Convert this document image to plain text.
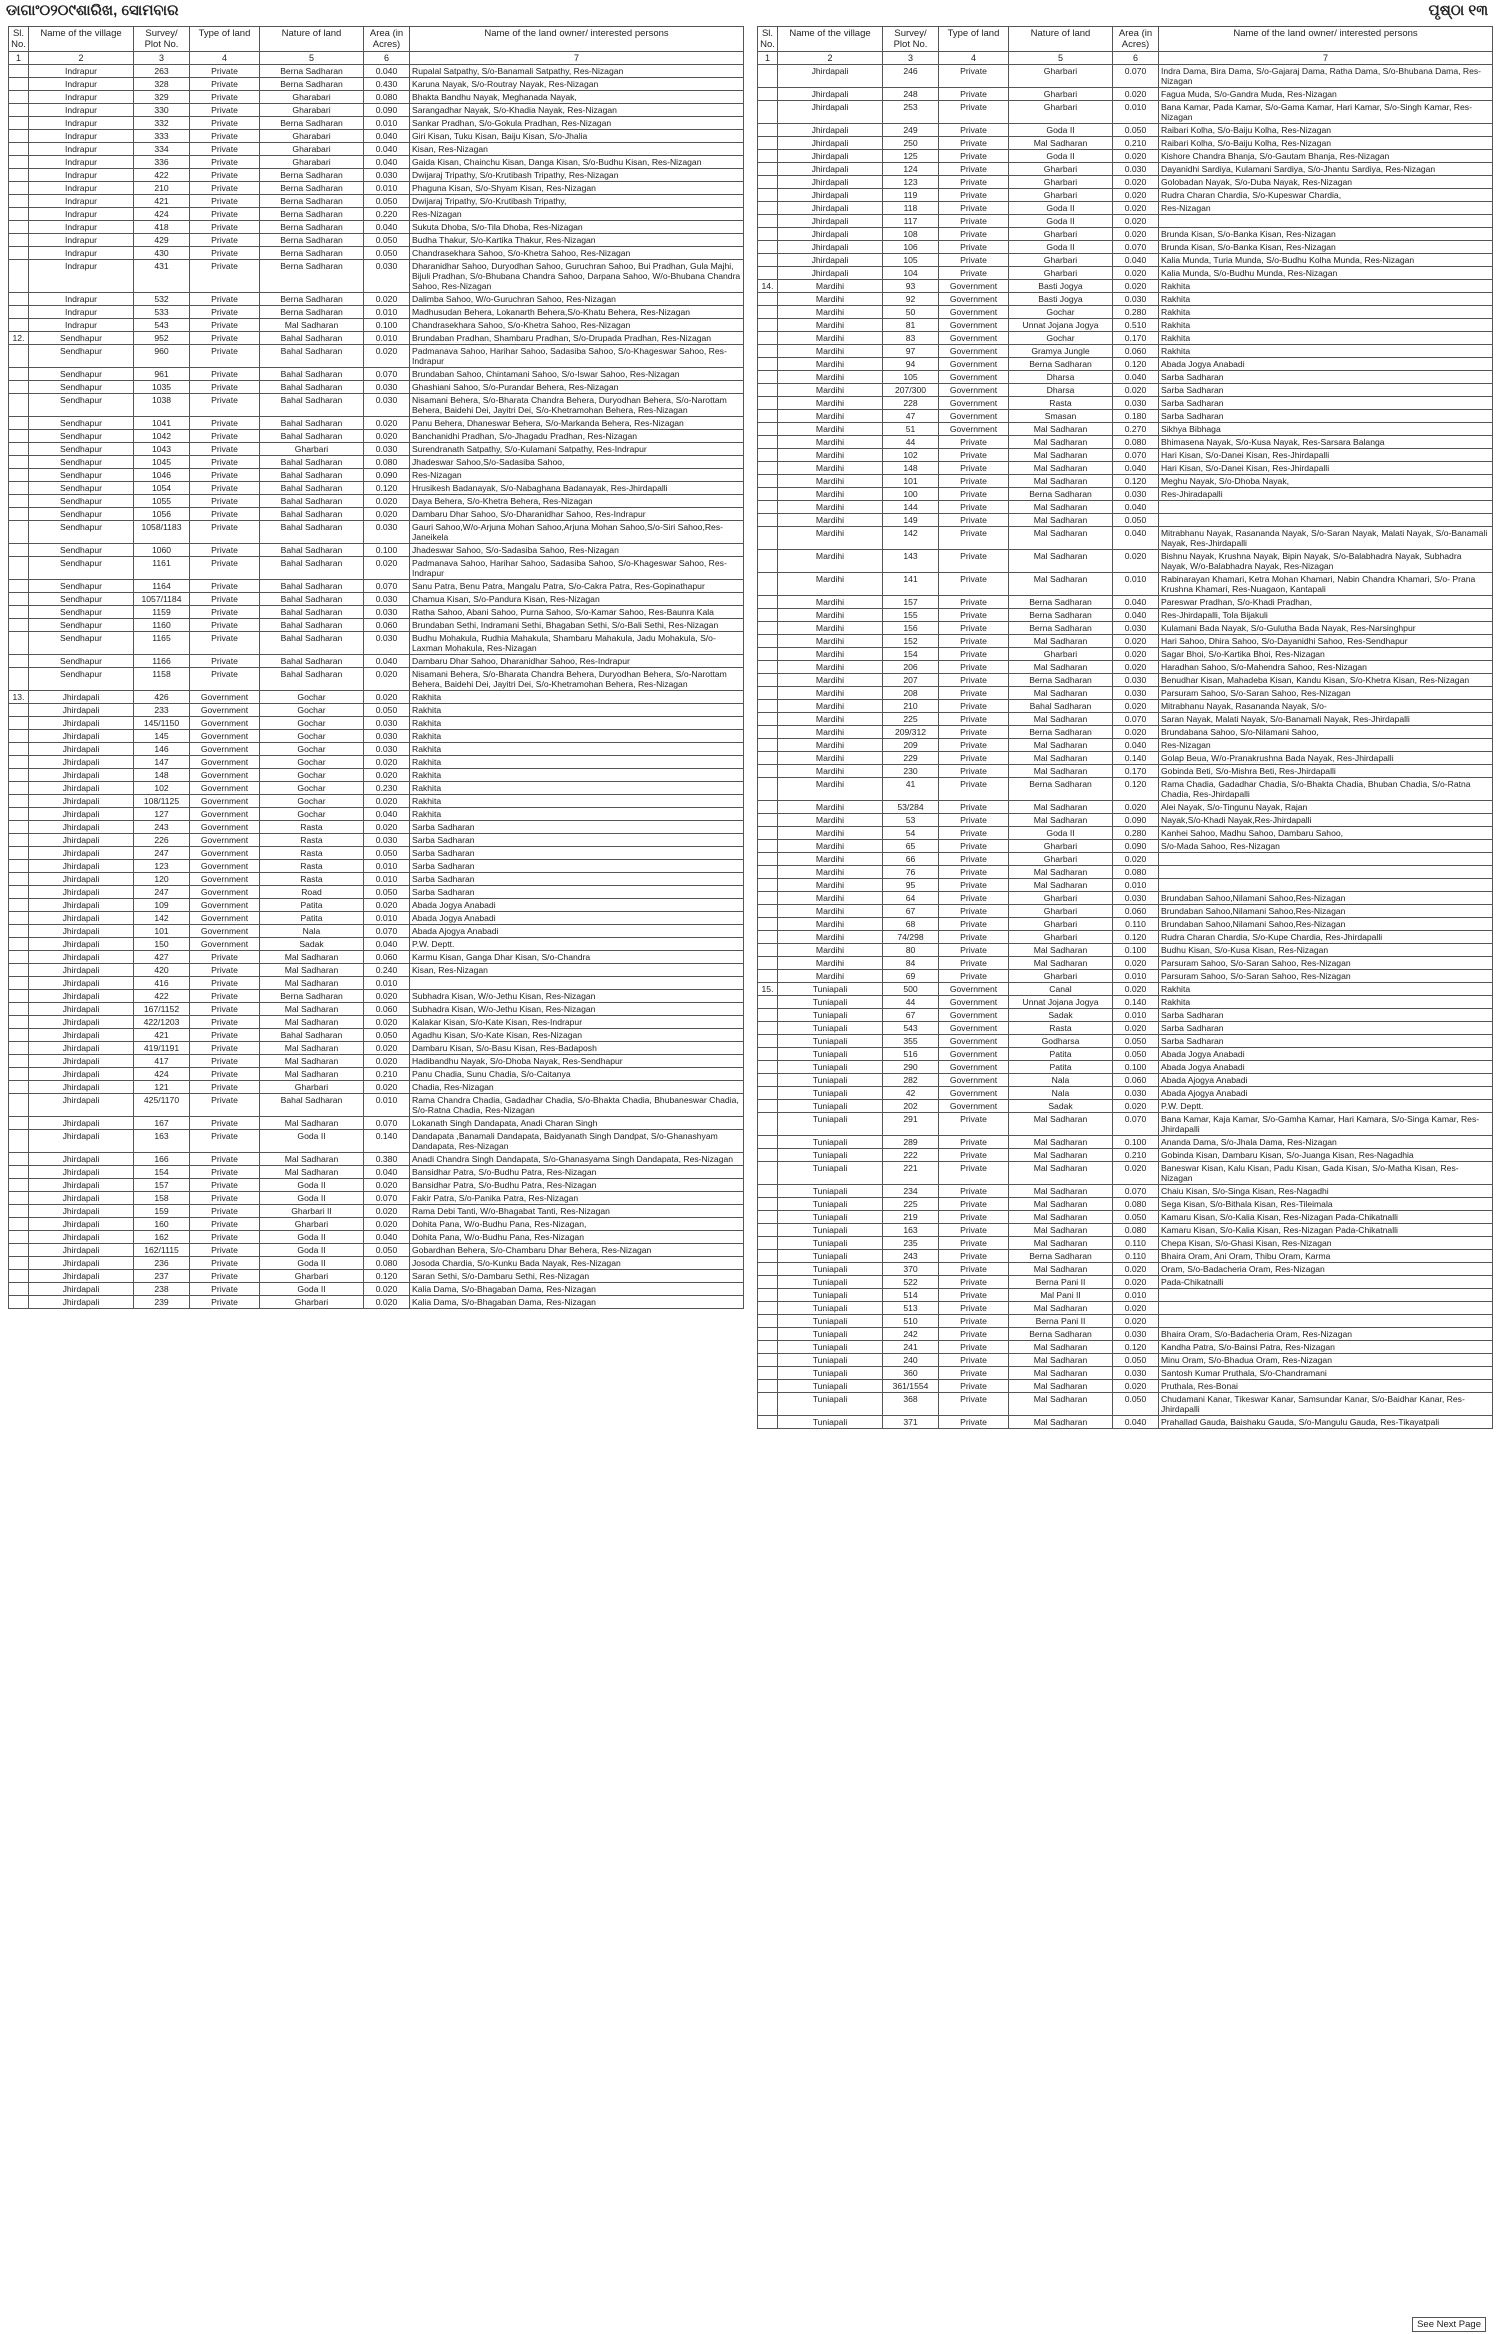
ଡାଗାଂ୦୨୦୯ଶାରିଖ, ସୋମବାର	ପୃଷ୍ଠା ୧୩
Sl. No.	Name of the village	Survey/ Plot No.	Type of land	Nature of land	Area (in Acres)	Name of the land owner/ interested persons
1	2	3	4	5	6	7
	Indrapur	263	Private	Berna Sadharan	0.040	Rupalal Satpathy, S/o-Banamali Satpathy, Res-Nizagan
	Indrapur	328	Private	Berna Sadharan	0.430	Karuna Nayak, S/o-Routray Nayak, Res-Nizagan
	Indrapur	329	Private	Gharabari	0.080	Bhakta Bandhu Nayak, Meghanada Nayak,
	Indrapur	330	Private	Gharabari	0.090	Sarangadhar Nayak, S/o-Khadia Nayak, Res-Nizagan
	Indrapur	332	Private	Berna Sadharan	0.010	Sankar Pradhan, S/o-Gokula Pradhan, Res-Nizagan
	Indrapur	333	Private	Gharabari	0.040	Giri Kisan, Tuku Kisan, Baiju Kisan, S/o-Jhalia
	Indrapur	334	Private	Gharabari	0.040	Kisan, Res-Nizagan
	Indrapur	336	Private	Gharabari	0.040	Gaida Kisan, Chainchu Kisan, Danga Kisan, S/o-Budhu Kisan, Res-Nizagan
	Indrapur	422	Private	Berna Sadharan	0.030	Dwijaraj Tripathy, S/o-Krutibash Tripathy, Res-Nizagan
	Indrapur	210	Private	Berna Sadharan	0.010	Phaguna Kisan, S/o-Shyam Kisan, Res-Nizagan
	Indrapur	421	Private	Berna Sadharan	0.050	Dwijaraj Tripathy, S/o-Krutibash Tripathy,
	Indrapur	424	Private	Berna Sadharan	0.220	Res-Nizagan
	Indrapur	418	Private	Berna Sadharan	0.040	Sukuta Dhoba, S/o-Tila Dhoba, Res-Nizagan
	Indrapur	429	Private	Berna Sadharan	0.050	Budha Thakur, S/o-Kartika Thakur, Res-Nizagan
	Indrapur	430	Private	Berna Sadharan	0.050	Chandrasekhara Sahoo, S/o-Khetra Sahoo, Res-Nizagan
	Indrapur	431	Private	Berna Sadharan	0.030	Dharanidhar Sahoo, Duryodhan Sahoo, Guruchran Sahoo, Bui Pradhan, Gula Majhi, Bijuli Pradhan, S/o-Bhubana Chandra Sahoo, Darpana Sahoo, W/o-Bhubana Chandra Sahoo, Res-Nizagan
	Indrapur	532	Private	Berna Sadharan	0.020	Dalimba Sahoo, W/o-Guruchran Sahoo, Res-Nizagan
	Indrapur	533	Private	Berna Sadharan	0.010	Madhusudan Behera, Lokanarth Behera,S/o-Khatu Behera, Res-Nizagan
	Indrapur	543	Private	Mal Sadharan	0.100	Chandrasekhara Sahoo, S/o-Khetra Sahoo, Res-Nizagan
12.	Sendhapur	952	Private	Bahal Sadharan	0.010	Brundaban Pradhan, Shambaru Pradhan, S/o-Drupada Pradhan, Res-Nizagan
	Sendhapur	960	Private	Bahal Sadharan	0.020	Padmanava Sahoo, Harihar Sahoo, Sadasiba Sahoo, S/o-Khageswar Sahoo, Res-Indrapur
	Sendhapur	961	Private	Bahal Sadharan	0.070	Brundaban Sahoo, Chintamani Sahoo, S/o-Iswar Sahoo, Res-Nizagan
	Sendhapur	1035	Private	Bahal Sadharan	0.030	Ghashiani Sahoo, S/o-Purandar Behera, Res-Nizagan
	Sendhapur	1038	Private	Bahal Sadharan	0.030	Nisamani Behera, S/o-Bharata Chandra Behera, Duryodhan Behera, S/o-Narottam Behera, Baidehi Dei, Jayitri Dei, S/o-Khetramohan Behera, Res-Nizagan
	Sendhapur	1041	Private	Bahal Sadharan	0.020	Panu Behera, Dhaneswar Behera, S/o-Markanda Behera, Res-Nizagan
	Sendhapur	1042	Private	Bahal Sadharan	0.020	Banchanidhi Pradhan, S/o-Jhagadu Pradhan, Res-Nizagan
	Sendhapur	1043	Private	Gharbari	0.030	Surendranath Satpathy, S/o-Kulamani Satpathy, Res-Indrapur
	Sendhapur	1045	Private	Bahal Sadharan	0.080	Jhadeswar Sahoo,S/o-Sadasiba Sahoo,
	Sendhapur	1046	Private	Bahal Sadharan	0.090	Res-Nizagan
	Sendhapur	1054	Private	Bahal Sadharan	0.120	Hrusikesh Badanayak, S/o-Nabaghana Badanayak, Res-Jhirdapalli
	Sendhapur	1055	Private	Bahal Sadharan	0.020	Daya Behera, S/o-Khetra Behera, Res-Nizagan
	Sendhapur	1056	Private	Bahal Sadharan	0.020	Dambaru Dhar Sahoo, S/o-Dharanidhar Sahoo, Res-Indrapur
	Sendhapur	1058/1183	Private	Bahal Sadharan	0.030	Gauri Sahoo,W/o-Arjuna Mohan Sahoo,Arjuna Mohan Sahoo,S/o-Siri Sahoo,Res-Janeikela
	Sendhapur	1060	Private	Bahal Sadharan	0.100	Jhadeswar Sahoo, S/o-Sadasiba Sahoo, Res-Nizagan
	Sendhapur	1161	Private	Bahal Sadharan	0.020	Padmanava Sahoo, Harihar Sahoo, Sadasiba Sahoo, S/o-Khageswar Sahoo, Res-Indrapur
	Sendhapur	1164	Private	Bahal Sadharan	0.070	Sanu Patra, Benu Patra, Mangalu Patra, S/o-Cakra Patra, Res-Gopinathapur
	Sendhapur	1057/1184	Private	Bahal Sadharan	0.030	Chamua Kisan, S/o-Pandura Kisan, Res-Nizagan
	Sendhapur	1159	Private	Bahal Sadharan	0.030	Ratha Sahoo, Abani Sahoo, Purna Sahoo, S/o-Kamar Sahoo, Res-Baunra Kala
	Sendhapur	1160	Private	Bahal Sadharan	0.060	Brundaban Sethi, Indramani Sethi, Bhagaban Sethi, S/o-Bali Sethi, Res-Nizagan
	Sendhapur	1165	Private	Bahal Sadharan	0.030	Budhu Mohakula, Rudhia Mahakula, Shambaru Mahakula, Jadu Mohakula, S/o-Laxman Mohakula, Res-Nizagan
	Sendhapur	1166	Private	Bahal Sadharan	0.040	Dambaru Dhar Sahoo, Dharanidhar Sahoo, Res-Indrapur
	Sendhapur	1158	Private	Bahal Sadharan	0.020	Nisamani Behera, S/o-Bharata Chandra Behera, Duryodhan Behera, S/o-Narottam Behera, Baidehi Dei, Jayitri Dei, S/o-Khetramohan Behera, Res-Nizagan
13.	Jhirdapali	426	Government	Gochar	0.020	Rakhita
	Jhirdapali	233	Government	Gochar	0.050	Rakhita
	Jhirdapali	145/1150	Government	Gochar	0.030	Rakhita
	Jhirdapali	145	Government	Gochar	0.030	Rakhita
	Jhirdapali	146	Government	Gochar	0.030	Rakhita
	Jhirdapali	147	Government	Gochar	0.020	Rakhita
	Jhirdapali	148	Government	Gochar	0.020	Rakhita
	Jhirdapali	102	Government	Gochar	0.230	Rakhita
	Jhirdapali	108/1125	Government	Gochar	0.020	Rakhita
	Jhirdapali	127	Government	Gochar	0.040	Rakhita
	Jhirdapali	243	Government	Rasta	0.020	Sarba Sadharan
	Jhirdapali	226	Government	Rasta	0.030	Sarba Sadharan
	Jhirdapali	247	Government	Rasta	0.050	Sarba Sadharan
	Jhirdapali	123	Government	Rasta	0.010	Sarba Sadharan
	Jhirdapali	120	Government	Rasta	0.010	Sarba Sadharan
	Jhirdapali	247	Government	Road	0.050	Sarba Sadharan
	Jhirdapali	109	Government	Patita	0.020	Abada Jogya Anabadi
	Jhirdapali	142	Government	Patita	0.010	Abada Jogya Anabadi
	Jhirdapali	101	Government	Nala	0.070	Abada Ajogya Anabadi
	Jhirdapali	150	Government	Sadak	0.040	P.W. Deptt.
	Jhirdapali	427	Private	Mal Sadharan	0.060	Karmu Kisan, Ganga Dhar Kisan, S/o-Chandra
	Jhirdapali	420	Private	Mal Sadharan	0.240	Kisan, Res-Nizagan
	Jhirdapali	416	Private	Mal Sadharan	0.010	
	Jhirdapali	422	Private	Berna Sadharan	0.020	Subhadra Kisan, W/o-Jethu Kisan, Res-Nizagan
	Jhirdapali	167/1152	Private	Mal Sadharan	0.060	Subhadra Kisan, W/o-Jethu Kisan, Res-Nizagan
	Jhirdapali	422/1203	Private	Mal Sadharan	0.020	Kalakar Kisan, S/o-Kate Kisan, Res-Indrapur
	Jhirdapali	421	Private	Bahal Sadharan	0.050	Agadhu Kisan, S/o-Kate Kisan, Res-Nizagan
	Jhirdapali	419/1191	Private	Mal Sadharan	0.020	Dambaru Kisan, S/o-Basu Kisan, Res-Badaposh
	Jhirdapali	417	Private	Mal Sadharan	0.020	Hadibandhu Nayak, S/o-Dhoba Nayak, Res-Sendhapur
	Jhirdapali	424	Private	Mal Sadharan	0.210	Panu Chadia, Sunu Chadia, S/o-Caitanya
	Jhirdapali	121	Private	Gharbari	0.020	Chadia, Res-Nizagan
	Jhirdapali	425/1170	Private	Bahal Sadharan	0.010	Rama Chandra Chadia, Gadadhar Chadia, S/o-Bhakta Chadia, Bhubaneswar Chadia, S/o-Ratna Chadia, Res-Nizagan
	Jhirdapali	167	Private	Mal Sadharan	0.070	Lokanath Singh Dandapata, Anadi Charan Singh
	Jhirdapali	163	Private	Goda II	0.140	Dandapata ,Banamali Dandapata, Baidyanath Singh Dandpat, S/o-Ghanashyam Dandapata, Res-Nizagan
	Jhirdapali	166	Private	Mal Sadharan	0.380	Anadi Chandra Singh Dandapata, S/o-Ghanasyama Singh Dandapata, Res-Nizagan
	Jhirdapali	154	Private	Mal Sadharan	0.040	Bansidhar Patra, S/o-Budhu Patra, Res-Nizagan
	Jhirdapali	157	Private	Goda II	0.020	Bansidhar Patra, S/o-Budhu Patra, Res-Nizagan
	Jhirdapali	158	Private	Goda II	0.070	Fakir Patra, S/o-Panika Patra, Res-Nizagan
	Jhirdapali	159	Private	Gharbari II	0.020	Rama Debi Tanti, W/o-Bhagabat Tanti, Res-Nizagan
	Jhirdapali	160	Private	Gharbari	0.020	Dohita Pana, W/o-Budhu Pana, Res-Nizagan,
	Jhirdapali	162	Private	Goda II	0.040	Dohita Pana, W/o-Budhu Pana, Res-Nizagan
	Jhirdapali	162/1115	Private	Goda II	0.050	Gobardhan Behera, S/o-Chambaru Dhar Behera, Res-Nizagan
	Jhirdapali	236	Private	Goda II	0.080	Josoda Chardia, S/o-Kunku Bada Nayak, Res-Nizagan
	Jhirdapali	237	Private	Gharbari	0.120	Saran Sethi, S/o-Dambaru Sethi, Res-Nizagan
	Jhirdapali	238	Private	Goda II	0.020	Kalia Dama, S/o-Bhagaban Dama, Res-Nizagan
	Jhirdapali	239	Private	Gharbari	0.020	Kalia Dama, S/o-Bhagaban Dama, Res-Nizagan
Sl. No.	Name of the village	Survey/ Plot No.	Type of land	Nature of land	Area (in Acres)	Name of the land owner/ interested persons
1	2	3	4	5	6	7
	Jhirdapali	246	Private	Gharbari	0.070	Indra Dama, Bira Dama, S/o-Gajaraj Dama, Ratha Dama, S/o-Bhubana Dama, Res-Nizagan
	Jhirdapali	248	Private	Gharbari	0.020	Fagua Muda, S/o-Gandra Muda, Res-Nizagan
	Jhirdapali	253	Private	Gharbari	0.010	Bana Kamar, Pada Kamar, S/o-Gama Kamar, Hari Kamar, S/o-Singh Kamar, Res-Nizagan
	Jhirdapali	249	Private	Goda II	0.050	Raibari Kolha, S/o-Baiju Kolha, Res-Nizagan
	Jhirdapali	250	Private	Mal Sadharan	0.210	Raibari Kolha, S/o-Baiju Kolha, Res-Nizagan
	Jhirdapali	125	Private	Goda II	0.020	Kishore Chandra Bhanja, S/o-Gautam Bhanja, Res-Nizagan
	Jhirdapali	124	Private	Gharbari	0.030	Dayanidhi Sardiya, Kulamani Sardiya, S/o-Jhantu Sardiya, Res-Nizagan
	Jhirdapali	123	Private	Gharbari	0.020	Golobadan Nayak, S/o-Duba Nayak, Res-Nizagan
	Jhirdapali	119	Private	Gharbari	0.020	Rudra Charan Chardia, S/o-Kupeswar Chardia,
	Jhirdapali	118	Private	Goda II	0.020	Res-Nizagan
	Jhirdapali	117	Private	Goda II	0.020	
	Jhirdapali	108	Private	Gharbari	0.020	Brunda Kisan, S/o-Banka Kisan, Res-Nizagan
	Jhirdapali	106	Private	Goda II	0.070	Brunda Kisan, S/o-Banka Kisan, Res-Nizagan
	Jhirdapali	105	Private	Gharbari	0.040	Kalia Munda, Turia Munda, S/o-Budhu Kolha Munda, Res-Nizagan
	Jhirdapali	104	Private	Gharbari	0.020	Kalia Munda, S/o-Budhu Munda, Res-Nizagan
14.	Mardihi	93	Government	Basti Jogya	0.020	Rakhita
	Mardihi	92	Government	Basti Jogya	0.030	Rakhita
	Mardihi	50	Government	Gochar	0.280	Rakhita
	Mardihi	81	Government	Unnat Jojana Jogya	0.510	Rakhita
	Mardihi	83	Government	Gochar	0.170	Rakhita
	Mardihi	97	Government	Gramya Jungle	0.060	Rakhita
	Mardihi	94	Government	Berna Sadharan	0.120	Abada Jogya Anabadi
	Mardihi	105	Government	Dharsa	0.040	Sarba Sadharan
	Mardihi	207/300	Government	Dharsa	0.020	Sarba Sadharan
	Mardihi	228	Government	Rasta	0.030	Sarba Sadharan
	Mardihi	47	Government	Smasan	0.180	Sarba Sadharan
	Mardihi	51	Government	Mal Sadharan	0.270	Sikhya Bibhaga
	Mardihi	44	Private	Mal Sadharan	0.080	Bhimasena Nayak, S/o-Kusa Nayak, Res-Sarsara Balanga
	Mardihi	102	Private	Mal Sadharan	0.070	Hari Kisan, S/o-Danei Kisan, Res-Jhirdapalli
	Mardihi	148	Private	Mal Sadharan	0.040	Hari Kisan, S/o-Danei Kisan, Res-Jhirdapalli
	Mardihi	101	Private	Mal Sadharan	0.120	Meghu Nayak, S/o-Dhoba Nayak,
	Mardihi	100	Private	Berna Sadharan	0.030	Res-Jhiradapalli
	Mardihi	144	Private	Mal Sadharan	0.040	
	Mardihi	149	Private	Mal Sadharan	0.050	
	Mardihi	142	Private	Mal Sadharan	0.040	Mitrabhanu Nayak, Rasananda Nayak, S/o-Saran Nayak, Malati Nayak, S/o-Banamali Nayak, Res-Jhirdapalli
	Mardihi	143	Private	Mal Sadharan	0.020	Bishnu Nayak, Krushna Nayak, Bipin Nayak, S/o-Balabhadra Nayak, Subhadra Nayak, W/o-Balabhadra Nayak, Res-Nizagan
	Mardihi	141	Private	Mal Sadharan	0.010	Rabinarayan Khamari, Ketra Mohan Khamari, Nabin Chandra Khamari, S/o- Prana Krushna Khamari, Res-Nuagaon, Kantapali
	Mardihi	157	Private	Berna Sadharan	0.040	Pareswar Pradhan, S/o-Khadi Pradhan,
	Mardihi	155	Private	Berna Sadharan	0.040	Res-Jhirdapalli, Tola Bijakuli
	Mardihi	156	Private	Berna Sadharan	0.030	Kulamani Bada Nayak, S/o-Gulutha Bada Nayak, Res-Narsinghpur
	Mardihi	152	Private	Mal Sadharan	0.020	Hari Sahoo, Dhira Sahoo, S/o-Dayanidhi Sahoo, Res-Sendhapur
	Mardihi	154	Private	Gharbari	0.020	Sagar Bhoi, S/o-Kartika Bhoi, Res-Nizagan
	Mardihi	206	Private	Mal Sadharan	0.020	Haradhan Sahoo, S/o-Mahendra Sahoo, Res-Nizagan
	Mardihi	207	Private	Berna Sadharan	0.030	Benudhar Kisan, Mahadeba Kisan, Kandu Kisan, S/o-Khetra Kisan, Res-Nizagan
	Mardihi	208	Private	Mal Sadharan	0.030	Parsuram Sahoo, S/o-Saran Sahoo, Res-Nizagan
	Mardihi	210	Private	Bahal Sadharan	0.020	Mitrabhanu Nayak, Rasananda Nayak, S/o-
	Mardihi	225	Private	Mal Sadharan	0.070	Saran Nayak, Malati Nayak, S/o-Banamali Nayak, Res-Jhirdapalli
	Mardihi	209/312	Private	Berna Sadharan	0.020	Brundabana Sahoo, S/o-Nilamani Sahoo,
	Mardihi	209	Private	Mal Sadharan	0.040	Res-Nizagan
	Mardihi	229	Private	Mal Sadharan	0.140	Golap Beua, W/o-Pranakrushna Bada Nayak, Res-Jhirdapalli
	Mardihi	230	Private	Mal Sadharan	0.170	Gobinda Beti, S/o-Mishra Beti, Res-Jhirdapalli
	Mardihi	41	Private	Berna Sadharan	0.120	Rama Chadia, Gadadhar Chadia, S/o-Bhakta Chadia, Bhuban Chadia, S/o-Ratna Chadia, Res-Jhirdapalli
	Mardihi	53/284	Private	Mal Sadharan	0.020	Alei Nayak, S/o-Tingunu Nayak, Rajan
	Mardihi	53	Private	Mal Sadharan	0.090	Nayak,S/o-Khadi Nayak,Res-Jhirdapalli
	Mardihi	54	Private	Goda II	0.280	Kanhei Sahoo, Madhu Sahoo, Dambaru Sahoo,
	Mardihi	65	Private	Gharbari	0.090	S/o-Mada Sahoo, Res-Nizagan
	Mardihi	66	Private	Gharbari	0.020	
	Mardihi	76	Private	Mal Sadharan	0.080	
	Mardihi	95	Private	Mal Sadharan	0.010	
	Mardihi	64	Private	Gharbari	0.030	Brundaban Sahoo,Nilamani Sahoo,Res-Nizagan
	Mardihi	67	Private	Gharbari	0.060	Brundaban Sahoo,Nilamani Sahoo,Res-Nizagan
	Mardihi	68	Private	Gharbari	0.110	Brundaban Sahoo,Nilamani Sahoo,Res-Nizagan
	Mardihi	74/298	Private	Gharbari	0.120	Rudra Charan Chardia, S/o-Kupe Chardia, Res-Jhirdapalli
	Mardihi	80	Private	Mal Sadharan	0.100	Budhu Kisan, S/o-Kusa Kisan, Res-Nizagan
	Mardihi	84	Private	Mal Sadharan	0.020	Parsuram Sahoo, S/o-Saran Sahoo, Res-Nizagan
	Mardihi	69	Private	Gharbari	0.010	Parsuram Sahoo, S/o-Saran Sahoo, Res-Nizagan
15.	Tuniapali	500	Government	Canal	0.020	Rakhita
	Tuniapali	44	Government	Unnat Jojana Jogya	0.140	Rakhita
	Tuniapali	67	Government	Sadak	0.010	Sarba Sadharan
	Tuniapali	543	Government	Rasta	0.020	Sarba Sadharan
	Tuniapali	355	Government	Godharsa	0.050	Sarba Sadharan
	Tuniapali	516	Government	Patita	0.050	Abada Jogya Anabadi
	Tuniapali	290	Government	Patita	0.100	Abada Jogya Anabadi
	Tuniapali	282	Government	Nala	0.060	Abada Ajogya Anabadi
	Tuniapali	42	Government	Nala	0.030	Abada Ajogya Anabadi
	Tuniapali	202	Government	Sadak	0.020	P.W. Deptt.
	Tuniapali	291	Private	Mal Sadharan	0.070	Bana Kamar, Kaja Kamar, S/o-Gamha Kamar, Hari Kamara, S/o-Singa Kamar, Res-Jhirdapalli
	Tuniapali	289	Private	Mal Sadharan	0.100	Ananda Dama, S/o-Jhala Dama, Res-Nizagan
	Tuniapali	222	Private	Mal Sadharan	0.210	Gobinda Kisan, Dambaru Kisan, S/o-Juanga Kisan, Res-Nagadhia
	Tuniapali	221	Private	Mal Sadharan	0.020	Baneswar Kisan, Kalu Kisan, Padu Kisan, Gada Kisan, S/o-Matha Kisan, Res-Nizagan
	Tuniapali	234	Private	Mal Sadharan	0.070	Chaiu Kisan, S/o-Singa Kisan, Res-Nagadhi
	Tuniapali	225	Private	Mal Sadharan	0.080	Sega Kisan, S/o-Bithala Kisan, Res-Tileimala
	Tuniapali	219	Private	Mal Sadharan	0.050	Kamaru Kisan, S/o-Kalia Kisan, Res-Nizagan Pada-Chikatnalli
	Tuniapali	163	Private	Mal Sadharan	0.080	Kamaru Kisan, S/o-Kalia Kisan, Res-Nizagan Pada-Chikatnalli
	Tuniapali	235	Private	Mal Sadharan	0.110	Chepa Kisan, S/o-Ghasi Kisan, Res-Nizagan
	Tuniapali	243	Private	Berna Sadharan	0.110	Bhaira Oram, Ani Oram, Thibu Oram, Karma
	Tuniapali	370	Private	Mal Sadharan	0.020	Oram, S/o-Badacheria Oram, Res-Nizagan
	Tuniapali	522	Private	Berna Pani II	0.020	Pada-Chikatnalli
	Tuniapali	514	Private	Mal Pani II	0.010	
	Tuniapali	513	Private	Mal Sadharan	0.020	
	Tuniapali	510	Private	Berna Pani II	0.020	
	Tuniapali	242	Private	Berna Sadharan	0.030	Bhaira Oram, S/o-Badacheria Oram, Res-Nizagan
	Tuniapali	241	Private	Mal Sadharan	0.120	Kandha Patra, S/o-Bainsi Patra, Res-Nizagan
	Tuniapali	240	Private	Mal Sadharan	0.050	Minu Oram, S/o-Bhadua Oram, Res-Nizagan
	Tuniapali	360	Private	Mal Sadharan	0.030	Santosh Kumar Pruthala, S/o-Chandramani
	Tuniapali	361/1554	Private	Mal Sadharan	0.020	Pruthala, Res-Bonai
	Tuniapali	368	Private	Mal Sadharan	0.050	Chudamani Kanar, Tikeswar Kanar, Samsundar Kanar, S/o-Baidhar Kanar, Res-Jhirdapalli
	Tuniapali	371	Private	Mal Sadharan	0.040	Prahallad Gauda, Baishaku Gauda, S/o-Mangulu Gauda, Res-Tikayatpali
See Next Page
